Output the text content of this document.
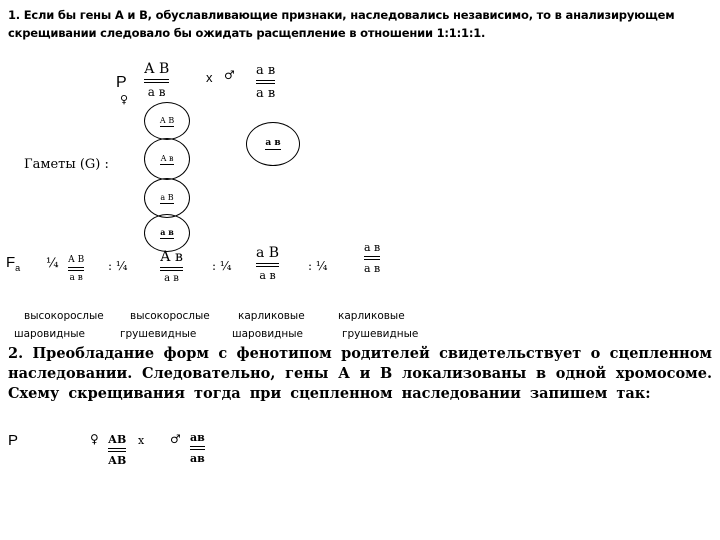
1. Если бы гены А и В, обуславливающие признаки, наследовались независимо, то в анализирующем скрещивании следовало бы ожидать расщепление в отношении 1:1:1:1.
Р
♀
А В
а в
х ♂ а в
а в
Гаметы (G) :
А В
А в
а В
а в
а в
$F_а$ ¼ А В
а в
: ¼
А в
а в
: ¼
а В
а в
: ¼
а в
а в
высокорослые
шаровидные
высокорослые
грушевидные
карликовые
шаровидные
карликовые
грушевидные
2. Преобладание форм с фенотипом родителей свидетельствует о сцепленном наследовании. Следовательно, гены А и В локализованы в одной хромосоме. Схему скрещивания тогда при сцепленном наследовании запишем так:
Р	♀ АВ
АВ
х ♂ ав
ав
